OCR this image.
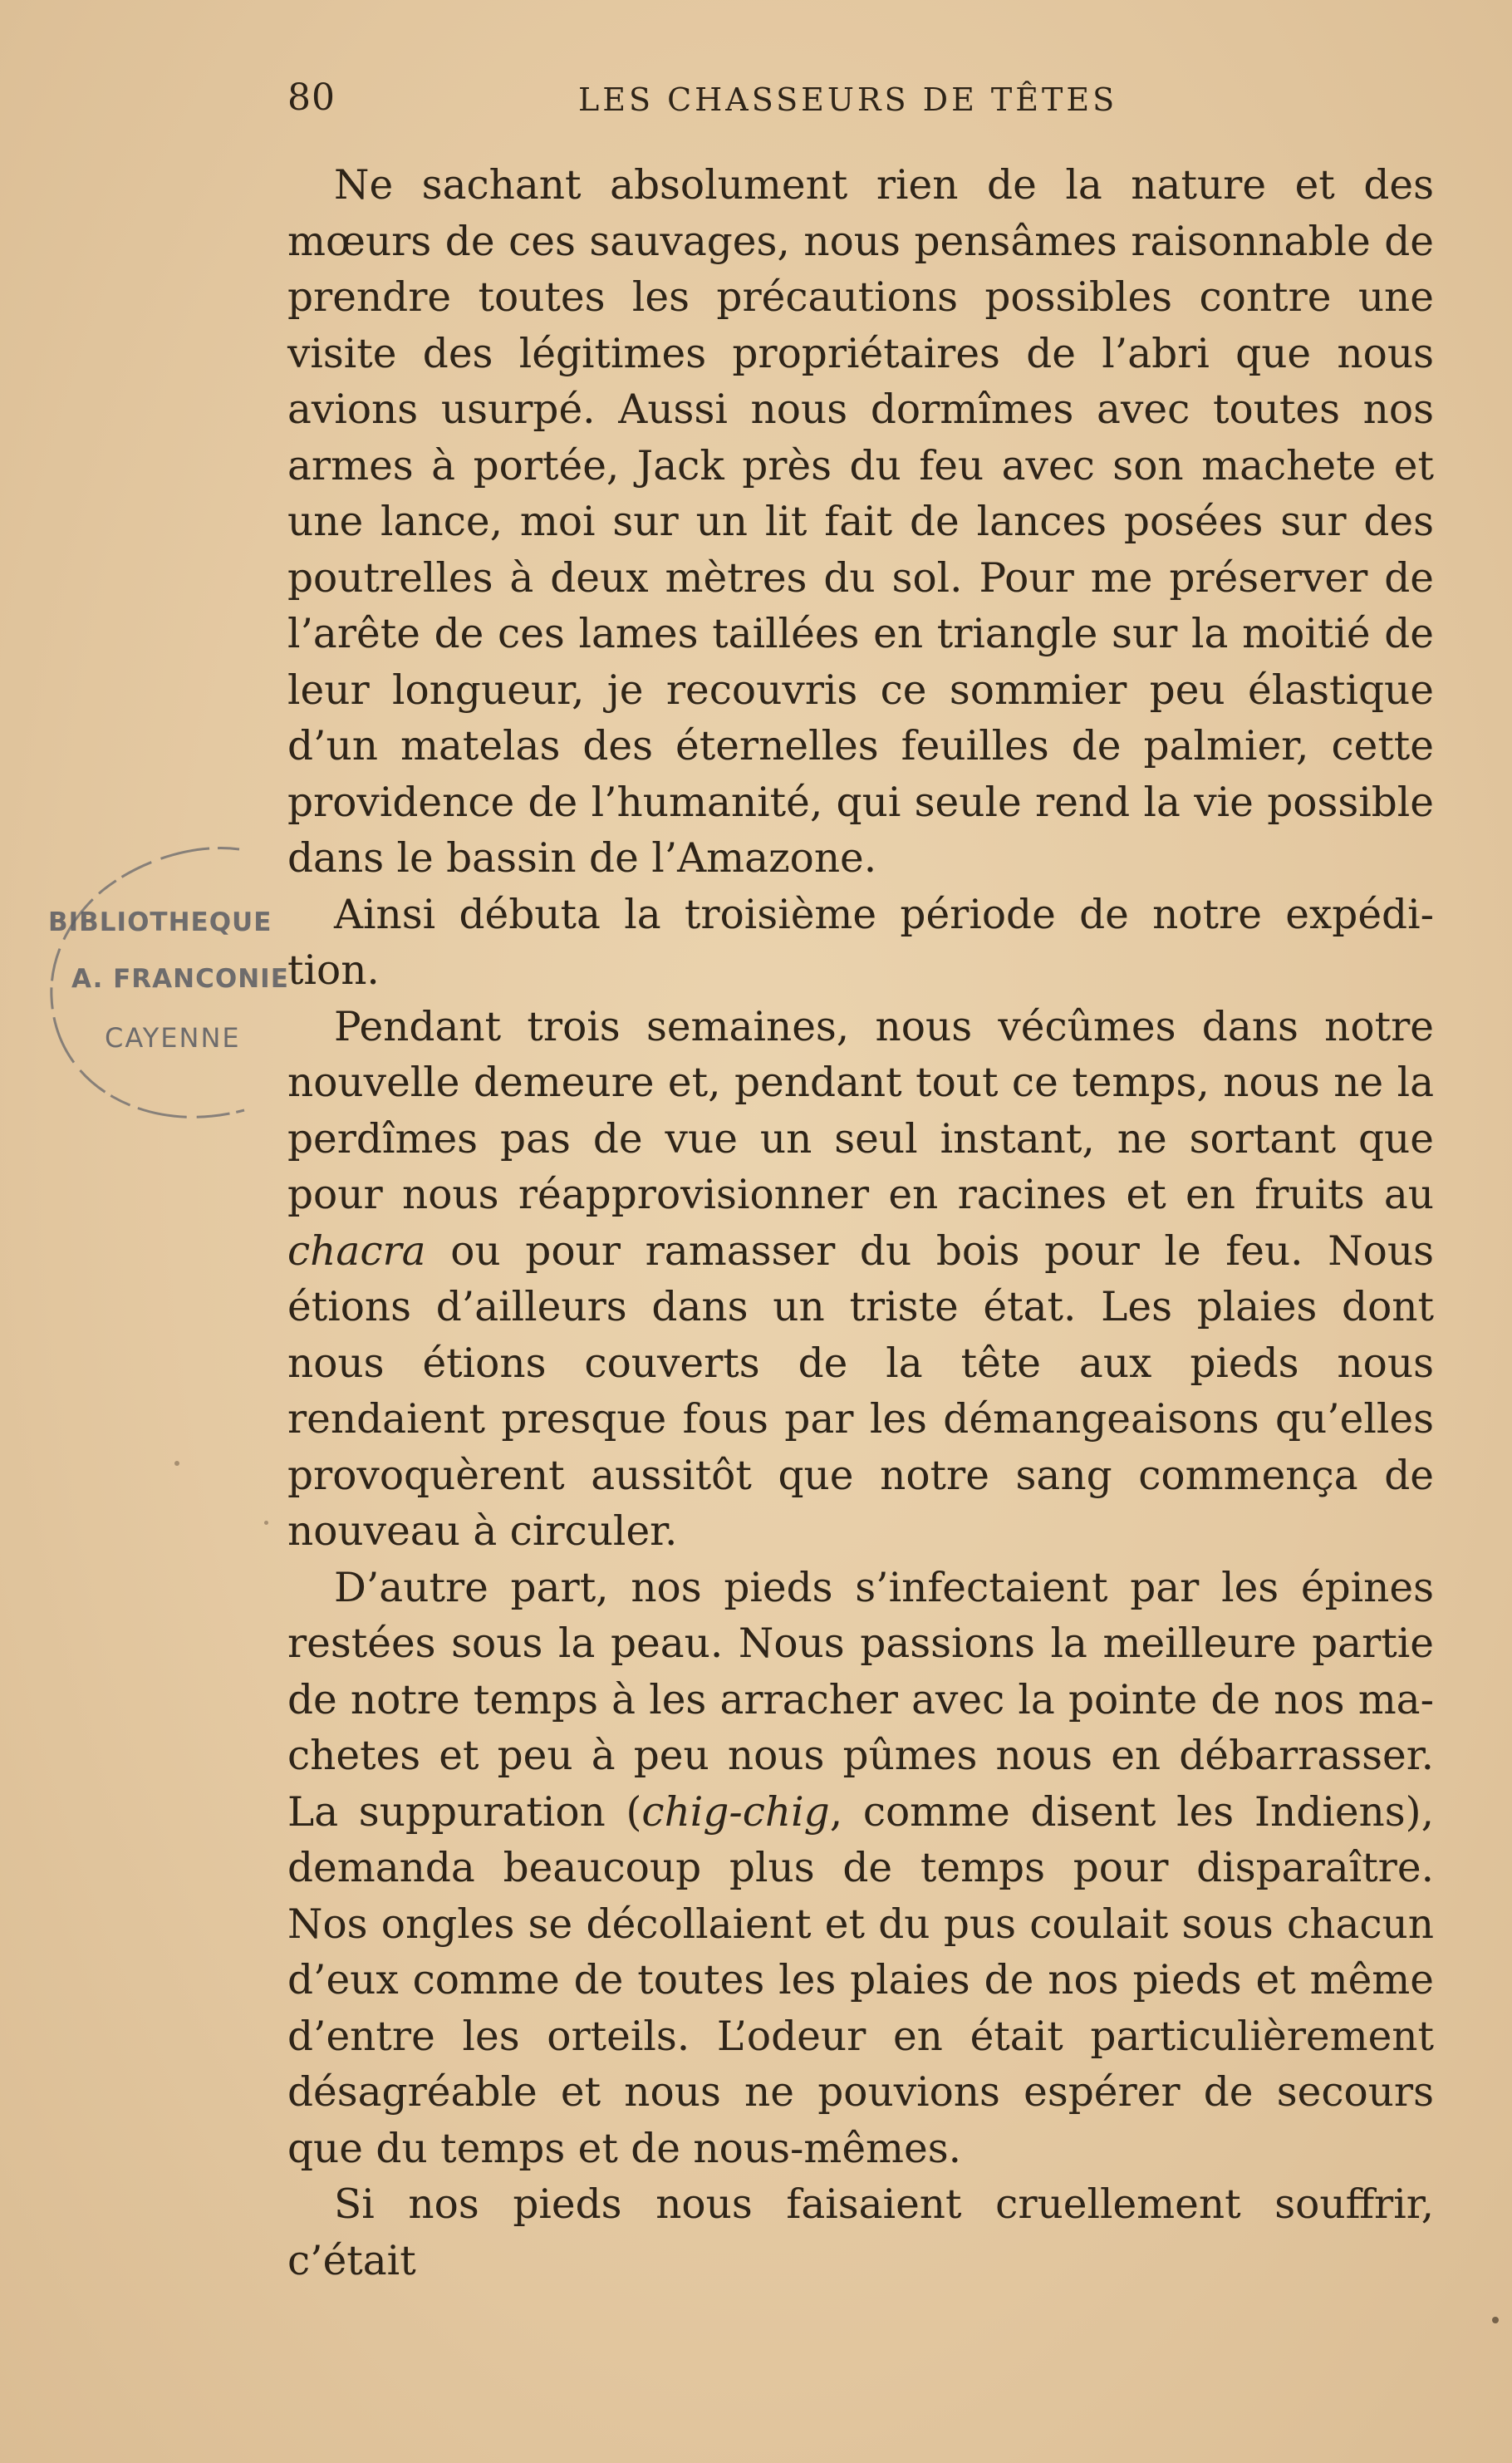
80	LES CHASSEURS DE TÊTES
BIBLIOTHEQUE
A. FRANCONIE
CAYENNE

Ne sachant absolument rien de la nature et des mœurs de ces sauvages, nous pensâmes raisonnable de prendre toutes les précautions possibles contre une visite des légitimes propriétaires de l’abri que nous avions usurpé. Aussi nous dormîmes avec toutes nos armes à portée, Jack près du feu avec son machete et une lance, moi sur un lit fait de lances posées sur des poutrelles à deux mètres du sol. Pour me préserver de l’arête de ces lames taillées en triangle sur la moitié de leur longueur, je recouvris ce sommier peu élastique d’un matelas des éternelles feuilles de palmier, cette providence de l’humanité, qui seule rend la vie possible dans le bassin de l’Amazone.

Ainsi débuta la troisième période de notre expédition.

Pendant trois semaines, nous vécûmes dans notre nouvelle demeure et, pendant tout ce temps, nous ne la perdîmes pas de vue un seul instant, ne sortant que pour nous réapprovisionner en racines et en fruits au chacra ou pour ramasser du bois pour le feu. Nous étions d’ailleurs dans un triste état. Les plaies dont nous étions couverts de la tête aux pieds nous rendaient presque fous par les démangeaisons qu’elles provoquèrent aussitôt que notre sang commença de nouveau à circuler.

D’autre part, nos pieds s’infectaient par les épines restées sous la peau. Nous passions la meilleure partie de notre temps à les arracher avec la pointe de nos machetes et peu à peu nous pûmes nous en débarrasser. La suppuration (chig-chig, comme disent les Indiens), demanda beaucoup plus de temps pour disparaître. Nos ongles se décollaient et du pus coulait sous chacun d’eux comme de toutes les plaies de nos pieds et même d’entre les orteils. L’odeur en était particulièrement désagréable et nous ne pouvions espérer de secours que du temps et de nous-mêmes.

Si nos pieds nous faisaient cruellement souffrir, c’était
